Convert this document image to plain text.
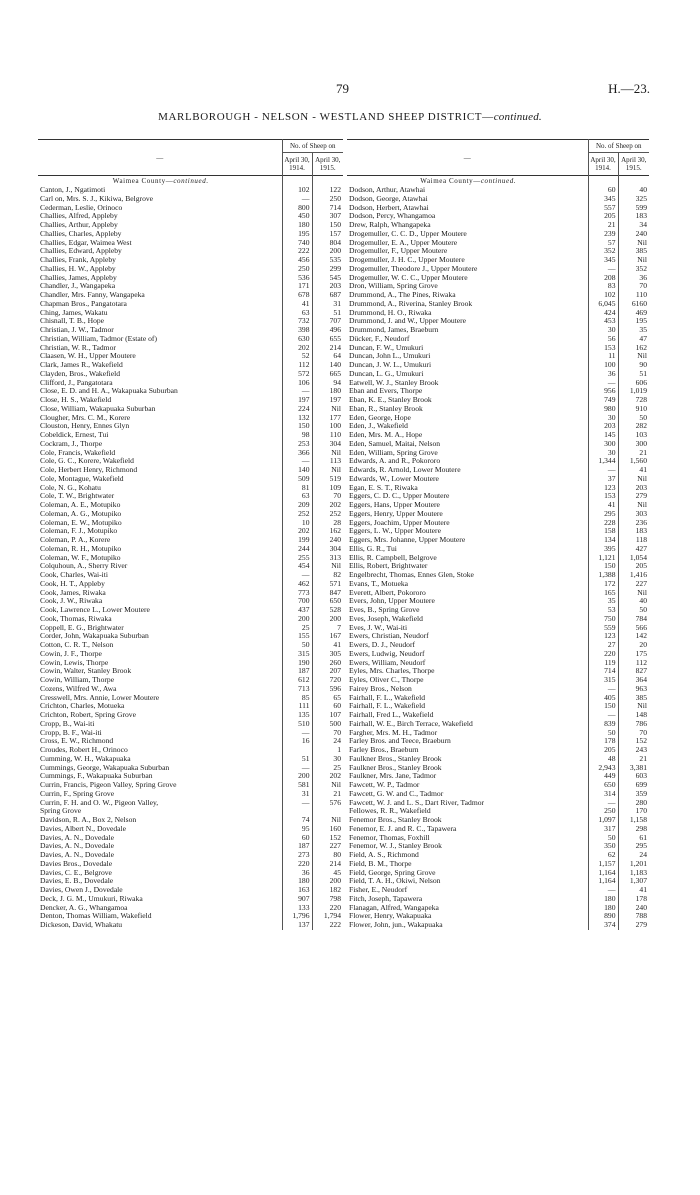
79	H.—23.
MARLBOROUGH - NELSON - WESTLAND SHEEP DISTRICT—continued.
—	No. of Sheep on	
	April 30, 1914.	April 30, 1915.
Waimea County—continued.		
Canton, J., Ngatimoti	102	122
Carl on, Mrs. S. J., Kikiwa, Belgrove	—	250
Cederman, Leslie, Orinoco	800	714
Challies, Alfred, Appleby	450	307
Challies, Arthur, Appleby	180	150
Challies, Charles, Appleby	195	157
Challies, Edgar, Waimea West	740	804
Challies, Edward, Appleby	222	200
Challies, Frank, Appleby	456	535
Challies, H. W., Appleby	250	299
Challies, James, Appleby	536	545
Chandler, J., Wangapeka	171	203
Chandler, Mrs. Fanny, Wangapeka	678	687
Chapman Bros., Pangatotara	41	31
Ching, James, Wakatu	63	51
Chisnall, T. B., Hope	732	707
Christian, J. W., Tadmor	398	496
Christian, William, Tadmor (Estate of)	630	655
Christian, W. R., Tadmor	202	214
Claasen, W. H., Upper Moutere	52	64
Clark, James R., Wakefield	112	140
Clayden, Bros., Wakefield	572	665
Clifford, J., Pangatotara	106	94
Close, E. D. and H. A., Wakapuaka Suburban	—	180
Close, H. S., Wakefield	197	197
Close, William, Wakapuaka Suburban	224	Nil
Clougher, Mrs. C. M., Korere	132	177
Clouston, Henry, Ennes Glyn	150	100
Cobeldick, Ernest, Tui	98	110
Cockram, J., Thorpe	253	304
Cole, Francis, Wakefield	366	Nil
Cole, G. C., Korere, Wakefield	—	113
Cole, Herbert Henry, Richmond	140	Nil
Cole, Montague, Wakefield	509	519
Cole, N. G., Kohatu	81	109
Cole, T. W., Brightwater	63	70
Coleman, A. E., Motupiko	209	202
Coleman, A. G., Motupiko	252	252
Coleman, E. W., Motupiko	10	28
Coleman, F. J., Motupiko	202	162
Coleman, P. A., Korere	199	240
Coleman, R. H., Motupiko	244	304
Coleman, W. F., Motupiko	255	313
Colquhoun, A., Sherry River	454	Nil
Cook, Charles, Wai-iti	—	82
Cook, H. T., Appleby	462	571
Cook, James, Riwaka	773	847
Cook, J. W., Riwaka	700	650
Cook, Lawrence L., Lower Moutere	437	528
Cook, Thomas, Riwaka	200	200
Coppell, E. G., Brightwater	25	7
Corder, John, Wakapuaka Suburban	155	167
Cotton, C. R. T., Nelson	50	41
Cowin, J. F., Thorpe	315	305
Cowin, Lewis, Thorpe	190	260
Cowin, Walter, Stanley Brook	187	207
Cowin, William, Thorpe	612	720
Cozens, Wilfred W., Awa	713	596
Cresswell, Mrs. Annie, Lower Moutere	85	65
Crichton, Charles, Motueka	111	60
Crichton, Robert, Spring Grove	135	107
Cropp, B., Wai-iti	510	500
Cropp, B. F., Wai-iti	—	70
Cross, E. W., Richmond	16	24
Croudes, Robert H., Orinoco		1
Cumming, W. H., Wakapuaka	51	30
Cummings, George, Wakapuaka Suburban	—	25
Cummings, F., Wakapuaka Suburban	200	202
Currin, Francis, Pigeon Valley, Spring Grove	581	Nil
Currin, F., Spring Grove	31	21
Currin, F. H. and O. W., Pigeon Valley,	—	576
Spring Grove		
Davidson, R. A., Box 2, Nelson	74	Nil
Davies, Albert N., Dovedale	95	160
Davies, A. N., Dovedale	60	152
Davies, A. N., Dovedale	187	227
Davies, A. N., Dovedale	273	80
Davies Bros., Dovedale	220	214
Davies, C. E., Belgrove	36	45
Davies, E. B., Dovedale	180	200
Davies, Owen J., Dovedale	163	182
Deck, J. G. M., Umukuri, Riwaka	907	798
Dencker, A. G., Whangamoa	133	220
Denton, Thomas William, Wakefield	1,796	1,794
Dickeson, David, Whakatu	137	222
—	No. of Sheep on	
	April 30, 1914.	April 30, 1915.
Waimea County—continued.		
Dodson, Arthur, Atawhai	60	40
Dodson, George, Atawhai	345	325
Dodson, Herbert, Atawhai	557	599
Dodson, Percy, Whangamoa	205	183
Drew, Ralph, Whangapeka	21	34
Drogemuller, C. C. D., Upper Moutere	239	240
Drogemuller, E. A., Upper Moutere	57	Nil
Drogemuller, F., Upper Moutere	352	385
Drogemuller, J. H. C., Upper Moutere	345	Nil
Drogemuller, Theodore J., Upper Moutere	—	352
Drogemuller, W. C. C., Upper Moutere	208	36
Dron, William, Spring Grove	83	70
Drummond, A., The Pines, Riwaka	102	110
Drummond, A., Riverina, Stanley Brook	6,045	6160
Drummond, H. O., Riwaka	424	469
Drummond, J. and W., Upper Moutere	453	195
Drummond, James, Braeburn	30	35
Dücker, F., Neudorf	56	47
Duncan, F. W., Umukuri	153	162
Duncan, John L., Umukuri	11	Nil
Duncan, J. W. L., Umukuri	100	90
Duncan, L. G., Umukuri	36	51
Eatwell, W. J., Stanley Brook	—	606
Eban and Evers, Thorpe	956	1,019
Eban, K. E., Stanley Brook	749	728
Eban, R., Stanley Brook	980	910
Eden, George, Hope	30	50
Eden, J., Wakefield	203	282
Eden, Mrs. M. A., Hope	145	103
Eden, Samuel, Maitai, Nelson	300	300
Eden, William, Spring Grove	30	21
Edwards, A. and R., Pokororo	1,344	1,560
Edwards, R. Arnold, Lower Moutere	—	41
Edwards, W., Lower Moutere	37	Nil
Egan, E. S. T., Riwaka	123	203
Eggers, C. D. C., Upper Moutere	153	279
Eggers, Hans, Upper Moutere	41	Nil
Eggers, Henry, Upper Moutere	295	303
Eggers, Joachim, Upper Moutere	228	236
Eggers, L. W., Upper Moutere	158	183
Eggers, Mrs. Johanne, Upper Moutere	134	118
Ellis, G. R., Tui	395	427
Ellis, R. Campbell, Belgrove	1,121	1,054
Ellis, Robert, Brightwater	150	205
Engelbrecht, Thomas, Ennes Glen, Stoke	1,388	1,416
Evans, T., Motueka	172	227
Everett, Albert, Pokororo	165	Nil
Evers, John, Upper Moutere	35	40
Eves, B., Spring Grove	53	50
Eves, Joseph, Wakefield	750	784
Eves, J. W., Wai-iti	559	566
Ewers, Christian, Neudorf	123	142
Ewers, D. J., Neudorf	27	20
Ewers, Ludwig, Neudorf	220	175
Ewers, William, Neudorf	119	112
Eyles, Mrs. Charles, Thorpe	714	827
Eyles, Oliver C., Thorpe	315	364
Fairey Bros., Nelson	—	963
Fairhall, F. L., Wakefield	405	385
Fairhall, F. L., Wakefield	150	Nil
Fairhall, Fred L., Wakefield	—	148
Fairhall, W. E., Birch Terrace, Wakefield	839	786
Fargher, Mrs. M. H., Tadmor	50	70
Farley Bros. and Teece, Braeburn	178	152
Farley Bros., Braeburn	205	243
Faulkner Bros., Stanley Brook	48	21
Faulkner Bros., Stanley Brook	2,943	3,381
Faulkner, Mrs. Jane, Tadmor	449	603
Fawcett, W. P., Tadmor	650	699
Fawcett, G. W. and C., Tadmor	314	359
Fawcett, W. J. and L. S., Dart River, Tadmor	—	280
Fellowes, R. R., Wakefield	250	170
Fenemor Bros., Stanley Brook	1,097	1,158
Fenemor, E. J. and R. C., Tapawera	317	298
Fenemor, Thomas, Foxhill	50	61
Fenemor, W. J., Stanley Brook	350	295
Field, A. S., Richmond	62	24
Field, B. M., Thorpe	1,157	1,201
Field, George, Spring Grove	1,164	1,183
Field, T. A. H., Okiwi, Nelson	1,164	1,307
Fisher, E., Neudorf	—	41
Fitch, Joseph, Tapawera	180	178
Flanagan, Alfred, Wangapeka	180	240
Flower, Henry, Wakapuaka	890	788
Flower, John, jun., Wakapuaka	374	279
